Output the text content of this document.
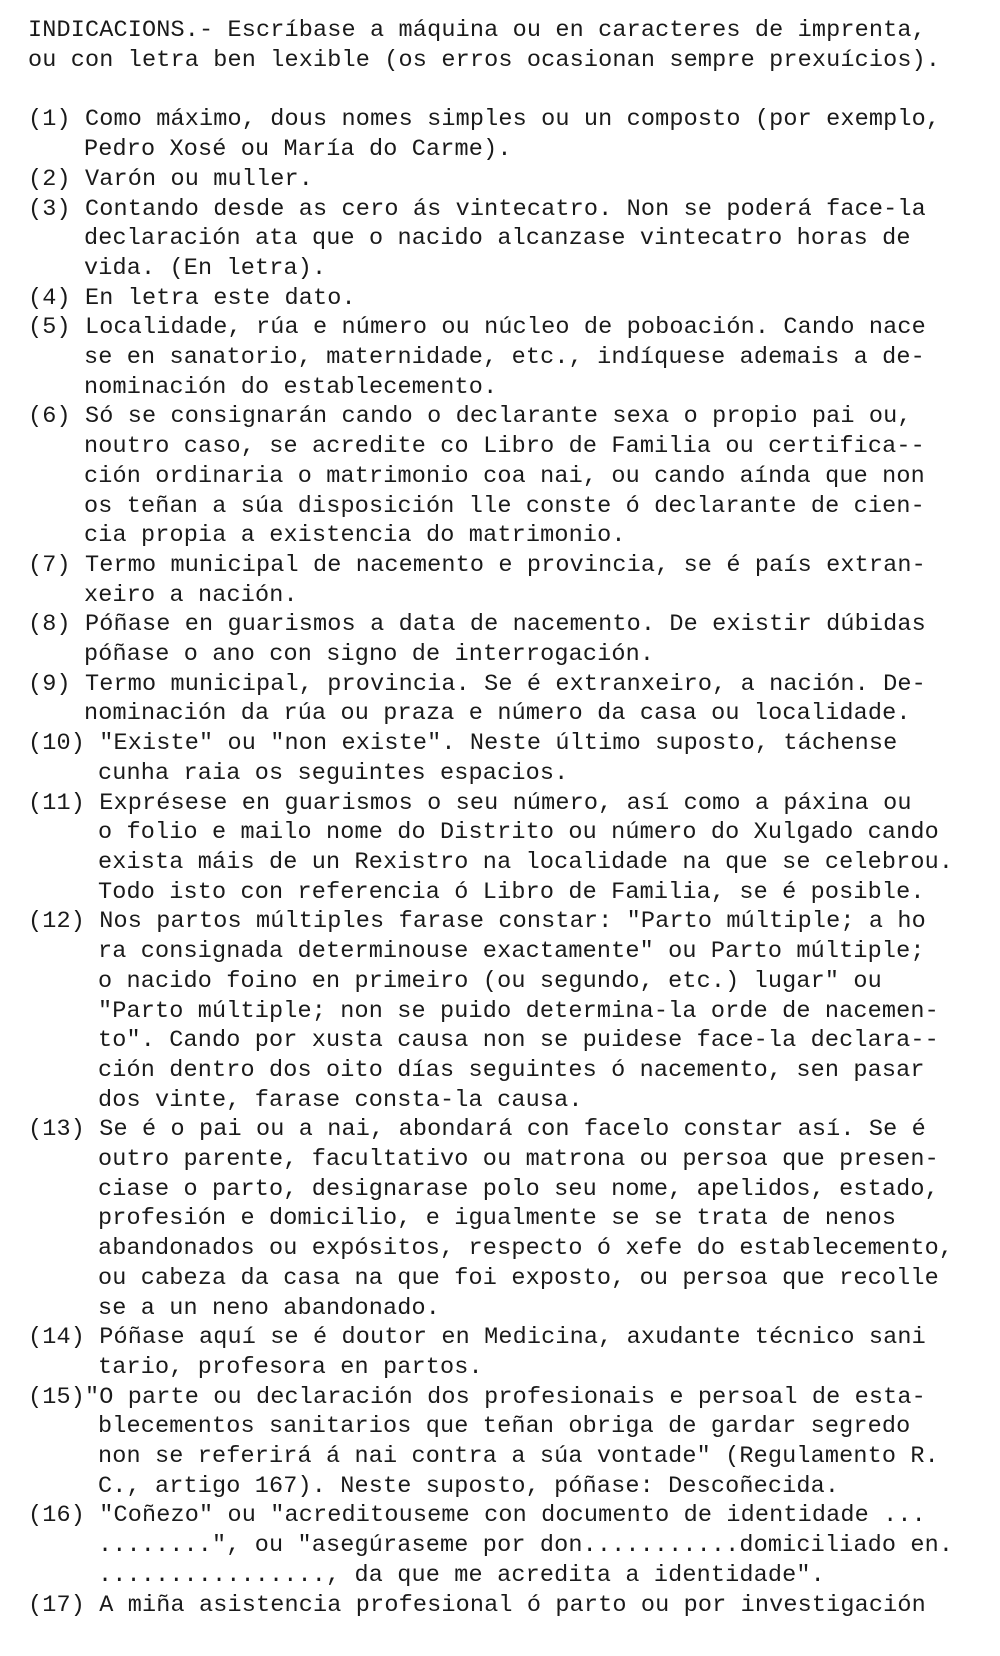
INDICACIONS.- Escríbase a máquina ou en caracteres de imprenta,
ou con letra ben lexible (os erros ocasionan sempre prexuícios).
(1) Como máximo, dous nomes simples ou un composto (por exemplo,
Pedro Xosé ou María do Carme).
(2) Varón ou muller.
(3) Contando desde as cero ás vintecatro. Non se poderá face-la
declaración ata que o nacido alcanzase vintecatro horas de
vida. (En letra).
(4) En letra este dato.
(5) Localidade, rúa e número ou núcleo de poboación. Cando nace
se en sanatorio, maternidade, etc., indíquese ademais a de-
nominación do establecemento.
(6) Só se consignarán cando o declarante sexa o propio pai ou,
noutro caso, se acredite co Libro de Familia ou certifica--
ción ordinaria o matrimonio coa nai, ou cando aínda que non
os teñan a súa disposición lle conste ó declarante de cien-
cia propia a existencia do matrimonio.
(7) Termo municipal de nacemento e provincia, se é país extran-
xeiro a nación.
(8) Póñase en guarismos a data de nacemento. De existir dúbidas
póñase o ano con signo de interrogación.
(9) Termo municipal, provincia. Se é extranxeiro, a nación. De-
nominación da rúa ou praza e número da casa ou localidade.
(10) "Existe" ou "non existe". Neste último suposto, táchense
cunha raia os seguintes espacios.
(11) Exprésese en guarismos o seu número, así como a páxina ou
o folio e mailo nome do Distrito ou número do Xulgado cando
exista máis de un Rexistro na localidade na que se celebrou.
Todo isto con referencia ó Libro de Familia, se é posible.
(12) Nos partos múltiples farase constar: "Parto múltiple; a ho
ra consignada determinouse exactamente" ou Parto múltiple;
o nacido foino en primeiro (ou segundo, etc.) lugar" ou
"Parto múltiple; non se puido determina-la orde de nacemen-
to". Cando por xusta causa non se puidese face-la declara--
ción dentro dos oito días seguintes ó nacemento, sen pasar
dos vinte, farase consta-la causa.
(13) Se é o pai ou a nai, abondará con facelo constar así. Se é
outro parente, facultativo ou matrona ou persoa que presen-
ciase o parto, designarase polo seu nome, apelidos, estado,
profesión e domicilio, e igualmente se se trata de nenos
abandonados ou expósitos, respecto ó xefe do establecemento,
ou cabeza da casa na que foi exposto, ou persoa que recolle
se a un neno abandonado.
(14) Póñase aquí se é doutor en Medicina, axudante técnico sani
tario, profesora en partos.
(15)"O parte ou declaración dos profesionais e persoal de esta-
blecementos sanitarios que teñan obriga de gardar segredo
non se referirá á nai contra a súa vontade" (Regulamento R.
C., artigo 167). Neste suposto, póñase: Descoñecida.
(16) "Coñezo" ou "acreditouseme con documento de identidade ...
........", ou "asegúraseme por don...........domiciliado en.
................, da que me acredita a identidade".
(17) A miña asistencia profesional ó parto ou por investigación
